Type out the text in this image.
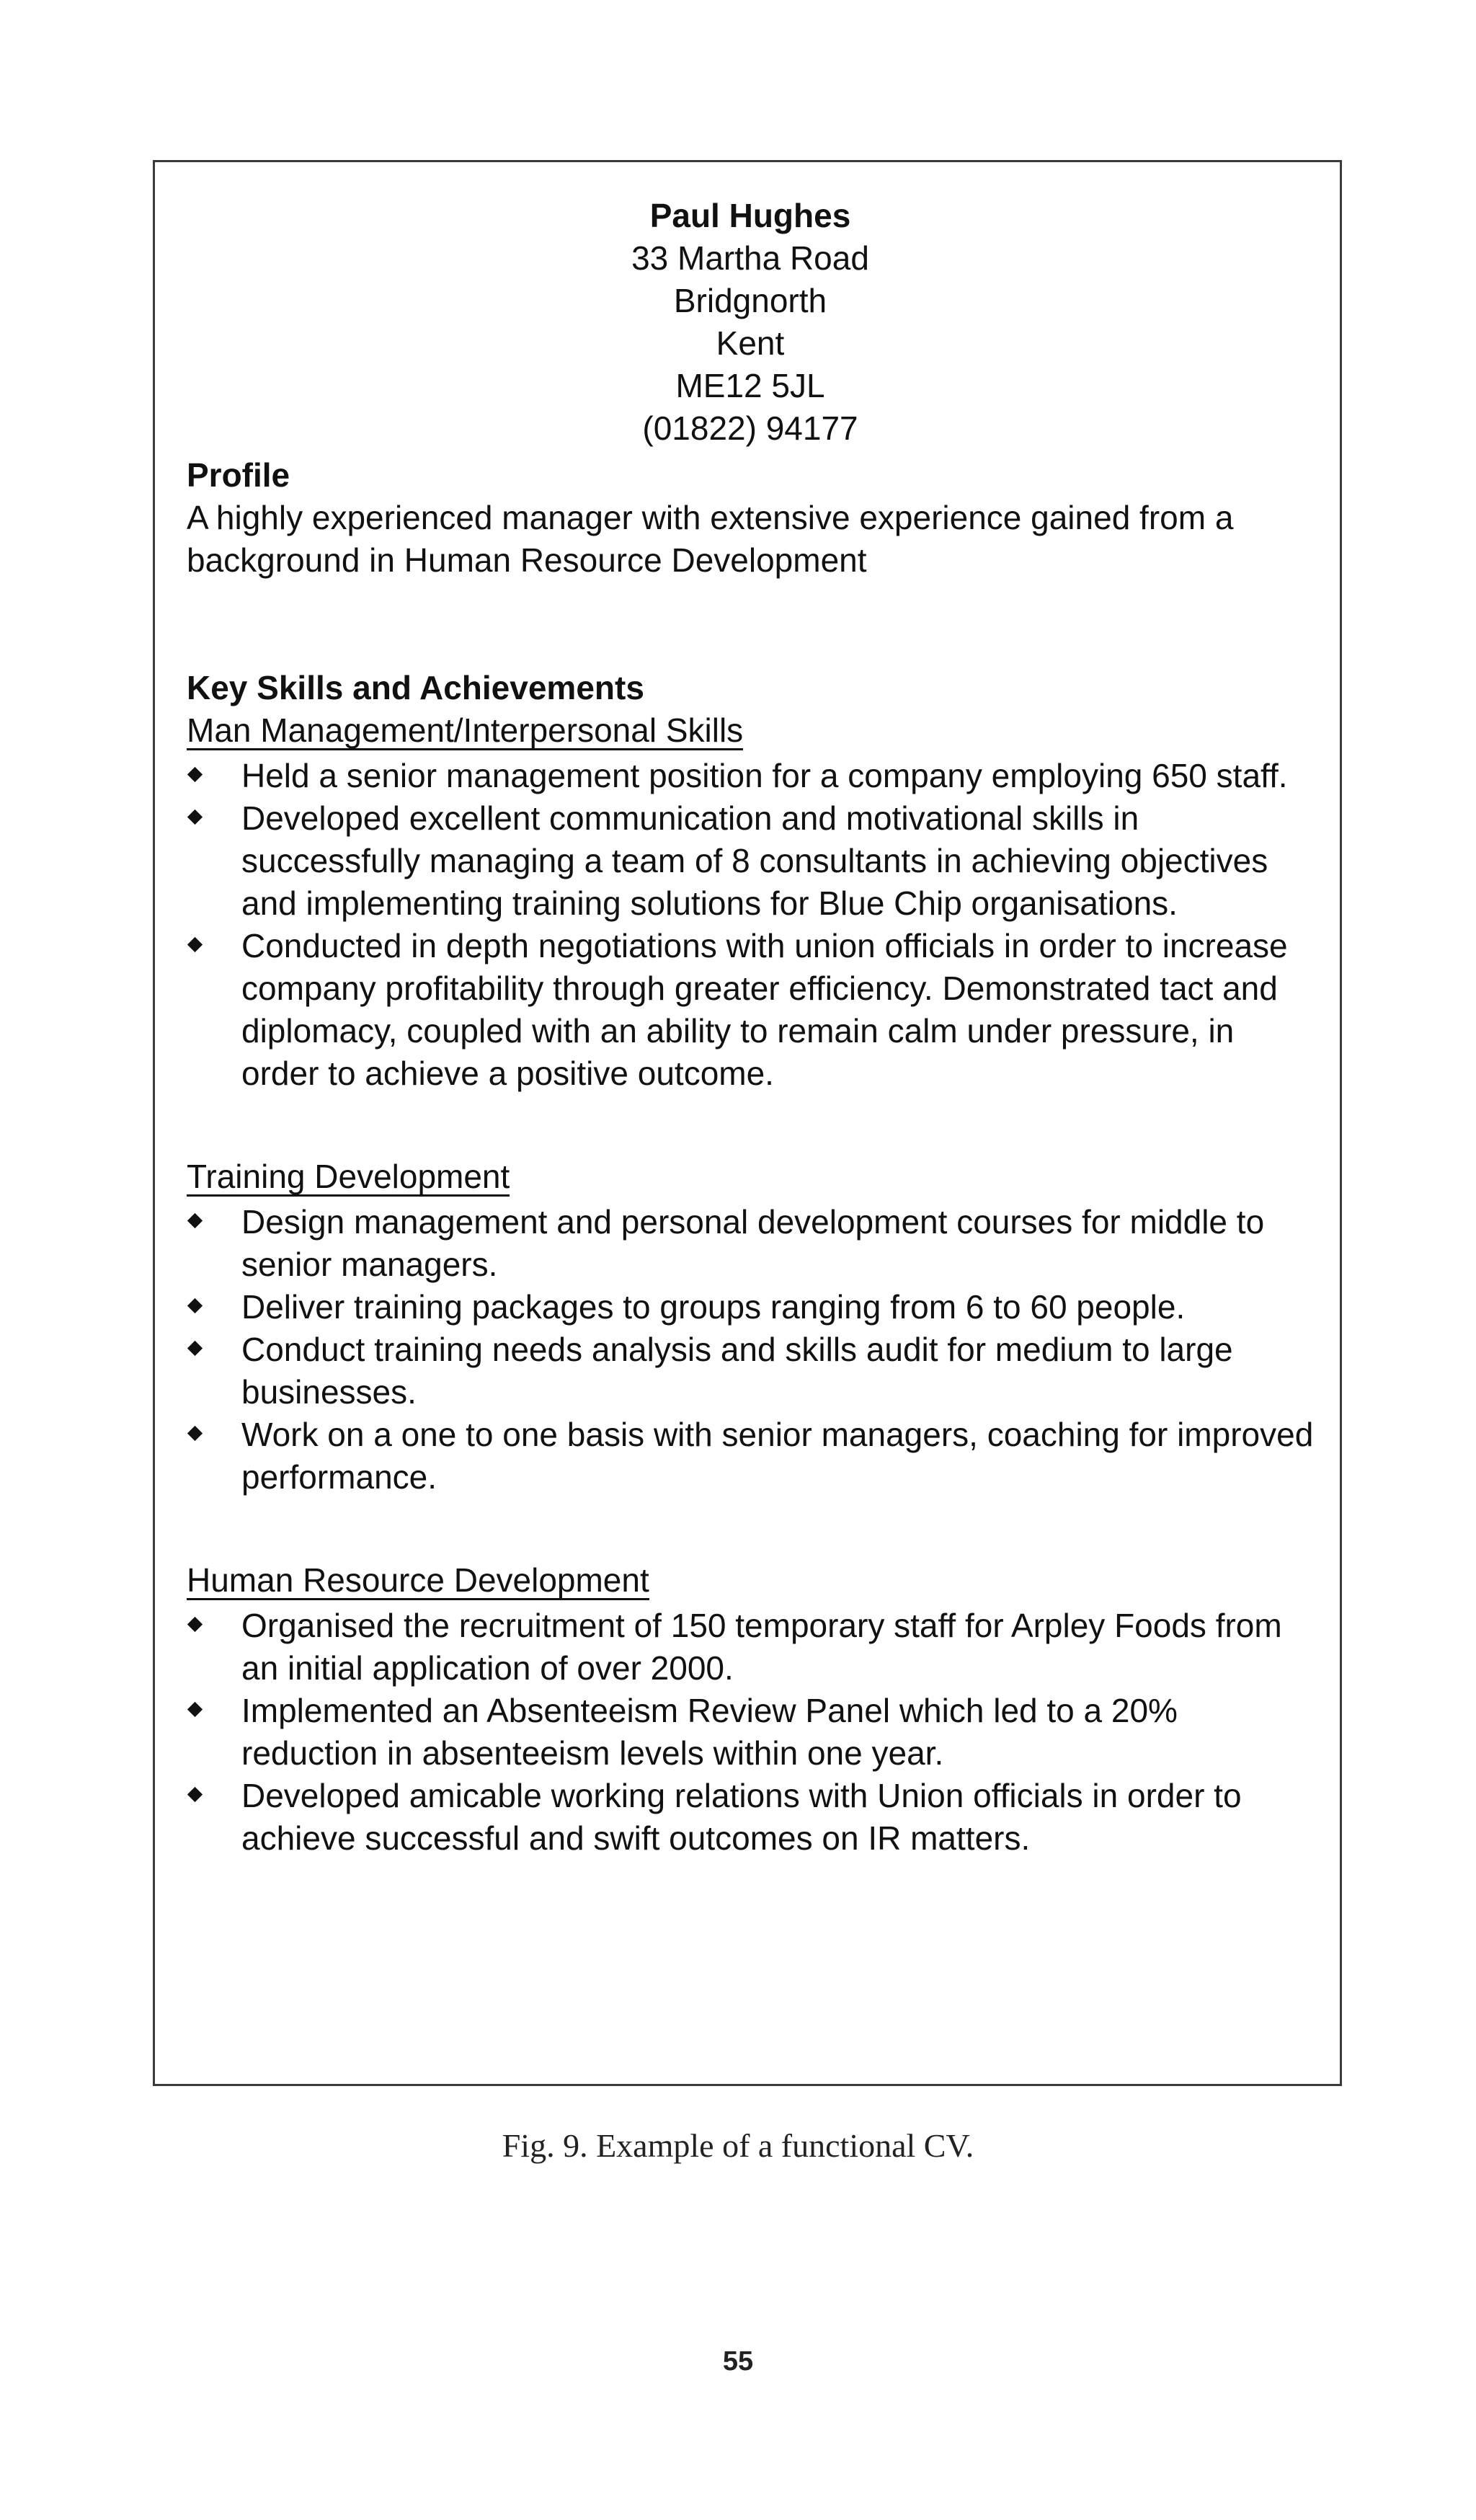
Paul Hughes
33 Martha Road
Bridgnorth
Kent
ME12 5JL
(01822) 94177
Profile
A highly experienced manager with extensive experience gained from a background in Human Resource Development
Key Skills and Achievements
Man Management/Interpersonal Skills
Held a senior management position for a company employing 650 staff.
Developed excellent communication and motivational skills in successfully managing a team of 8 consultants in achieving objectives and implementing training solutions for Blue Chip organisations.
Conducted in depth negotiations with union officials in order to increase company profitability through greater efficiency. Demonstrated tact and diplomacy, coupled with an ability to remain calm under pressure, in order to achieve a positive outcome.
Training Development
Design management and personal development courses for middle to senior managers.
Deliver training packages to groups ranging from 6 to 60 people.
Conduct training needs analysis and skills audit for medium to large businesses.
Work on a one to one basis with senior managers, coaching for improved performance.
Human Resource Development
Organised the recruitment of 150 temporary staff for Arpley Foods from an initial application of over 2000.
Implemented an Absenteeism Review Panel which led to a 20% reduction in absenteeism levels within one year.
Developed amicable working relations with Union officials in order to achieve successful and swift outcomes on IR matters.
Fig. 9. Example of a functional CV.
55
